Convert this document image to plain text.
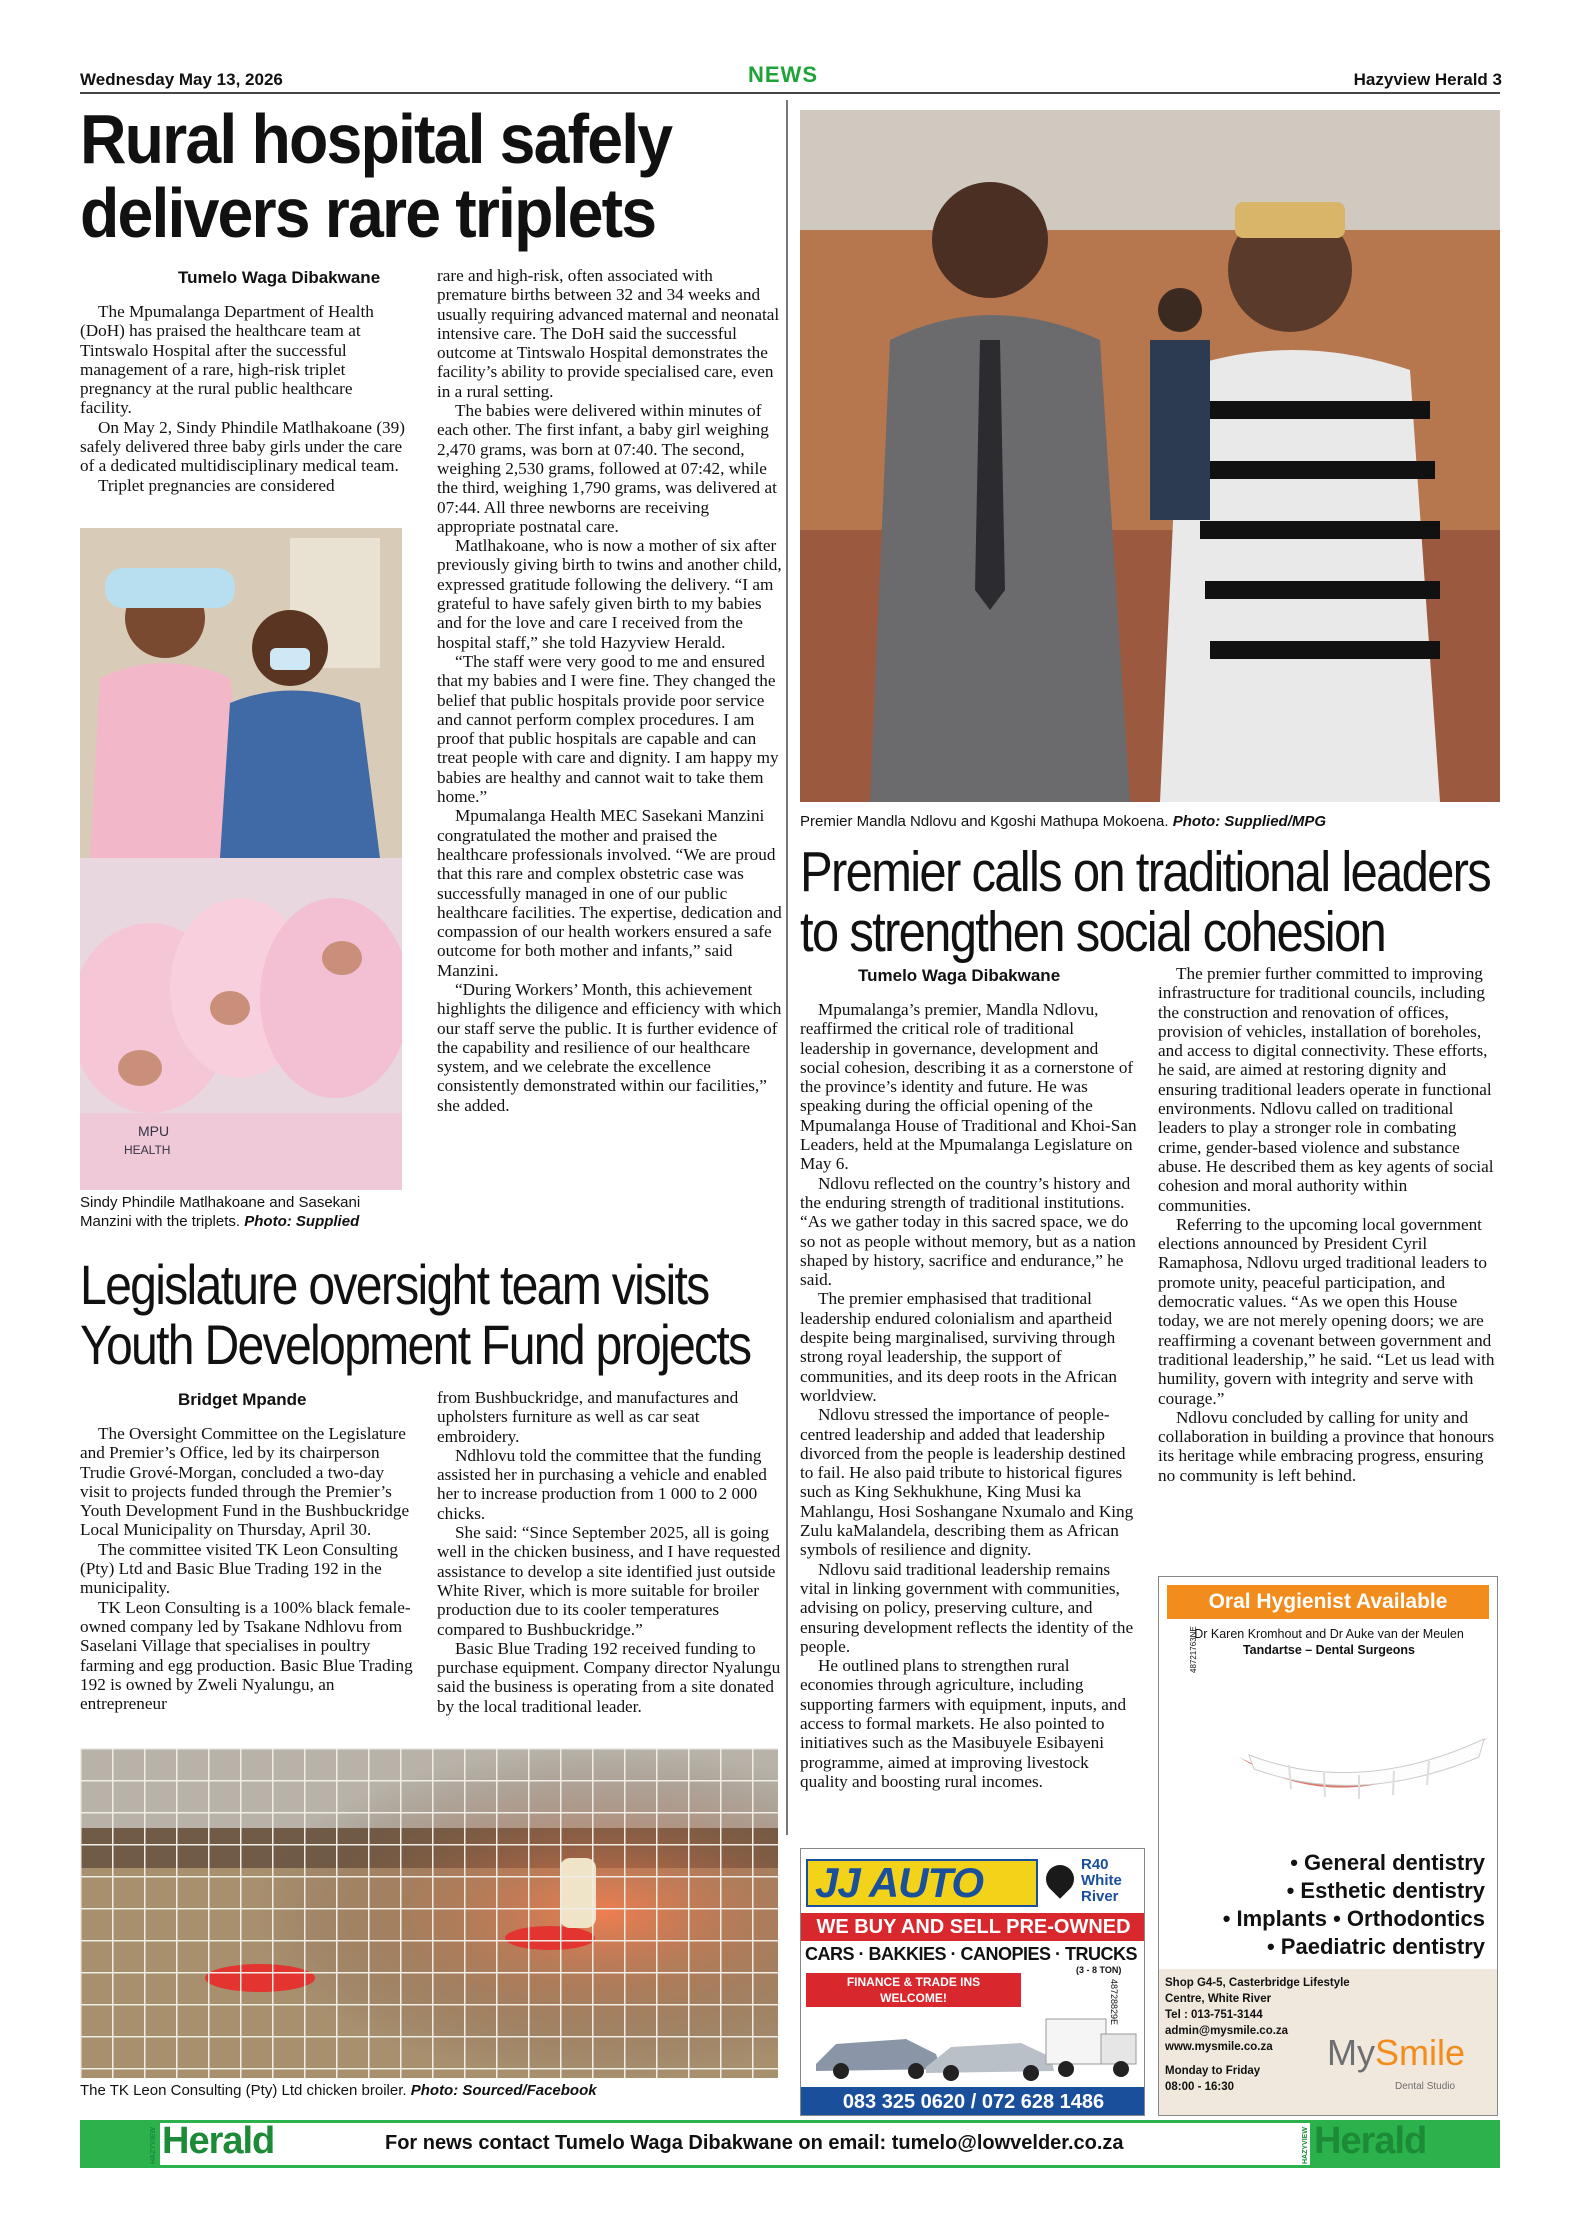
Wednesday May 13, 2026	NEWS	Hazyview Herald 3
Rural hospital safely
delivers rare triplets
Tumelo Waga Dibakwane

The Mpumalanga Department of Health (DoH) has praised the healthcare team at Tintswalo Hospital after the successful management of a rare, high-risk triplet pregnancy at the rural public healthcare facility.

On May 2, Sindy Phindile Matlhakoane (39) safely delivered three baby girls under the care of a dedicated multidisciplinary medical team.

Triplet pregnancies are considered

rare and high-risk, often associated with premature births between 32 and 34 weeks and usually requiring advanced maternal and neonatal intensive care. The DoH said the successful outcome at Tintswalo Hospital demonstrates the facility’s ability to provide specialised care, even in a rural setting.

The babies were delivered within minutes of each other. The first infant, a baby girl weighing 2,470 grams, was born at 07:40. The second, weighing 2,530 grams, followed at 07:42, while the third, weighing 1,790 grams, was delivered at 07:44. All three newborns are receiving appropriate postnatal care.

Matlhakoane, who is now a mother of six after previously giving birth to twins and another child, expressed gratitude following the delivery. “I am grateful to have safely given birth to my babies and for the love and care I received from the hospital staff,” she told Hazyview Herald.

“The staff were very good to me and ensured that my babies and I were fine. They changed the belief that public hospitals provide poor service and cannot perform complex procedures. I am proof that public hospitals are capable and can treat people with care and dignity. I am happy my babies are healthy and cannot wait to take them home.”

Mpumalanga Health MEC Sasekani Manzini congratulated the mother and praised the healthcare professionals involved. “We are proud that this rare and complex obstetric case was successfully managed in one of our public healthcare facilities. The expertise, dedication and compassion of our health workers ensured a safe outcome for both mother and infants,” said Manzini.

“During Workers’ Month, this achievement highlights the diligence and efficiency with which our staff serve the public. It is further evidence of the capability and resilience of our healthcare system, and we celebrate the excellence consistently demonstrated within our facilities,” she added.

MPU
HEALTH
Sindy Phindile Matlhakoane and Sasekani Manzini with the triplets. Photo: Supplied
Legislature oversight team visits
Youth Development Fund projects
Bridget Mpande

The Oversight Committee on the Legislature and Premier’s Office, led by its chairperson Trudie Grové-Morgan, concluded a two-day visit to projects funded through the Premier’s Youth Development Fund in the Bushbuckridge Local Municipality on Thursday, April 30.

The committee visited TK Leon Consulting (Pty) Ltd and Basic Blue Trading 192 in the municipality.

TK Leon Consulting is a 100% black female-owned company led by Tsakane Ndhlovu from Saselani Village that specialises in poultry farming and egg production. Basic Blue Trading 192 is owned by Zweli Nyalungu, an entrepreneur

from Bushbuckridge, and manufactures and upholsters furniture as well as car seat embroidery.

Ndhlovu told the committee that the funding assisted her in purchasing a vehicle and enabled her to increase production from 1 000 to 2 000 chicks.

She said: “Since September 2025, all is going well in the chicken business, and I have requested assistance to develop a site identified just outside White River, which is more suitable for broiler production due to its cooler temperatures compared to Bushbuckridge.”

Basic Blue Trading 192 received funding to purchase equipment. Company director Nyalungu said the business is operating from a site donated by the local traditional leader.

The TK Leon Consulting (Pty) Ltd chicken broiler. Photo: Sourced/Facebook
Premier Mandla Ndlovu and Kgoshi Mathupa Mokoena. Photo: Supplied/MPG
Premier calls on traditional leaders
to strengthen social cohesion
Tumelo Waga Dibakwane

Mpumalanga’s premier, Mandla Ndlovu, reaffirmed the critical role of traditional leadership in governance, development and social cohesion, describing it as a cornerstone of the province’s identity and future. He was speaking during the official opening of the Mpumalanga House of Traditional and Khoi-San Leaders, held at the Mpumalanga Legislature on May 6.

Ndlovu reflected on the country’s history and the enduring strength of traditional institutions. “As we gather today in this sacred space, we do so not as people without memory, but as a nation shaped by history, sacrifice and endurance,” he said.

The premier emphasised that traditional leadership endured colonialism and apartheid despite being marginalised, surviving through strong royal leadership, the support of communities, and its deep roots in the African worldview.

Ndlovu stressed the importance of people-centred leadership and added that leadership divorced from the people is leadership destined to fail. He also paid tribute to historical figures such as King Sekhukhune, King Musi ka Mahlangu, Hosi Soshangane Nxumalo and King Zulu kaMalandela, describing them as African symbols of resilience and dignity.

Ndlovu said traditional leadership remains vital in linking government with communities, advising on policy, preserving culture, and ensuring development reflects the identity of the people.

He outlined plans to strengthen rural economies through agriculture, including supporting farmers with equipment, inputs, and access to formal markets. He also pointed to initiatives such as the Masibuyele Esibayeni programme, aimed at improving livestock quality and boosting rural incomes.

The premier further committed to improving infrastructure for traditional councils, including the construction and renovation of offices, provision of vehicles, installation of boreholes, and access to digital connectivity. These efforts, he said, are aimed at restoring dignity and ensuring traditional leaders operate in functional environments. Ndlovu called on traditional leaders to play a stronger role in combating crime, gender-based violence and substance abuse. He described them as key agents of social cohesion and moral authority within communities.

Referring to the upcoming local government elections announced by President Cyril Ramaphosa, Ndlovu urged traditional leaders to promote unity, peaceful participation, and democratic values. “As we open this House today, we are not merely opening doors; we are reaffirming a covenant between government and traditional leadership,” he said. “Let us lead with humility, govern with integrity and serve with courage.”

Ndlovu concluded by calling for unity and collaboration in building a province that honours its heritage while embracing progress, ensuring no community is left behind.

JJ AUTO	R40
White
River
WE BUY AND SELL PRE-OWNED
CARS · BAKKIES · CANOPIES · TRUCKS
(3 - 8 TON)
FINANCE & TRADE INS
WELCOME!	48728829E
083 325 0620 / 072 628 1486
Oral Hygienist Available
Dr Karen Kromhout and Dr Auke van der Meulen
Tandartse – Dental Surgeons
48721763NE
• General dentistry
• Esthetic dentistry
• Implants • Orthodontics
• Paediatric dentistry
Shop G4-5, Casterbridge Lifestyle
Centre, White River
Tel : 013-751-3144
admin@mysmile.co.za
www.mysmile.co.za
Monday to Friday
08:00 - 16:30
MySmile
Dental Studio
HAZYVIEW Herald	For news contact Tumelo Waga Dibakwane on email: tumelo@lowvelder.co.za	HAZYVIEW Herald
